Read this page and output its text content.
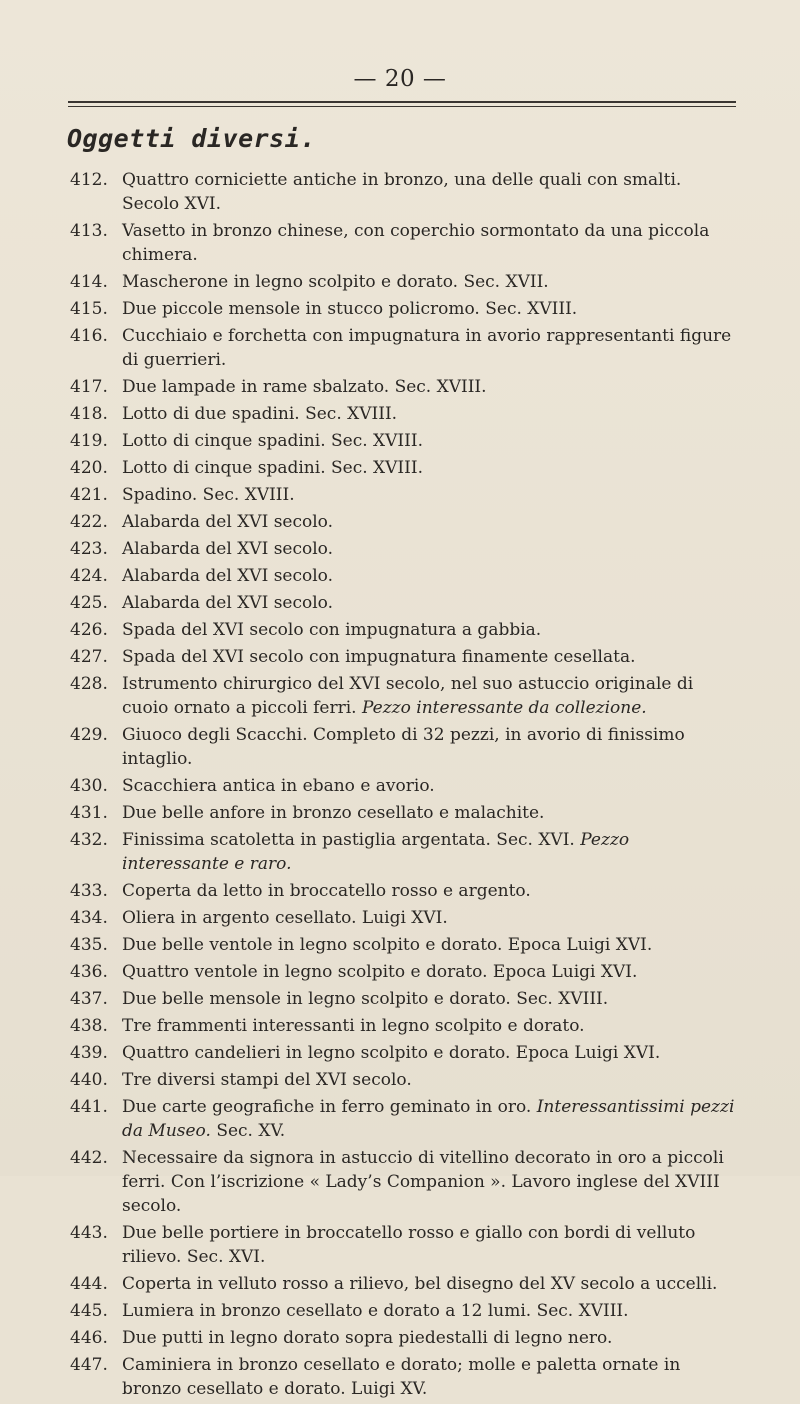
— 20 —
Oggetti diversi.
412. Quattro corniciette antiche in bronzo, una delle quali con smalti. Secolo XVI.
413. Vasetto in bronzo chinese, con coperchio sormontato da una piccola chimera.
414. Mascherone in legno scolpito e dorato. Sec. XVII.
415. Due piccole mensole in stucco policromo. Sec. XVIII.
416. Cucchiaio e forchetta con impugnatura in avorio rappresentanti figure di guerrieri.
417. Due lampade in rame sbalzato. Sec. XVIII.
418. Lotto di due spadini. Sec. XVIII.
419. Lotto di cinque spadini. Sec. XVIII.
420. Lotto di cinque spadini. Sec. XVIII.
421. Spadino. Sec. XVIII.
422. Alabarda del XVI secolo.
423. Alabarda del XVI secolo.
424. Alabarda del XVI secolo.
425. Alabarda del XVI secolo.
426. Spada del XVI secolo con impugnatura a gabbia.
427. Spada del XVI secolo con impugnatura finamente cesellata.
428. Istrumento chirurgico del XVI secolo, nel suo astuccio originale di cuoio ornato a piccoli ferri. Pezzo interessante da collezione.
429. Giuoco degli Scacchi. Completo di 32 pezzi, in avorio di finissimo intaglio.
430. Scacchiera antica in ebano e avorio.
431. Due belle anfore in bronzo cesellato e malachite.
432. Finissima scatoletta in pastiglia argentata. Sec. XVI. Pezzo interessante e raro.
433. Coperta da letto in broccatello rosso e argento.
434. Oliera in argento cesellato. Luigi XVI.
435. Due belle ventole in legno scolpito e dorato. Epoca Luigi XVI.
436. Quattro ventole in legno scolpito e dorato. Epoca Luigi XVI.
437. Due belle mensole in legno scolpito e dorato. Sec. XVIII.
438. Tre frammenti interessanti in legno scolpito e dorato.
439. Quattro candelieri in legno scolpito e dorato. Epoca Luigi XVI.
440. Tre diversi stampi del XVI secolo.
441. Due carte geografiche in ferro geminato in oro. Interessantissimi pezzi da Museo. Sec. XV.
442. Necessaire da signora in astuccio di vitellino decorato in oro a piccoli ferri. Con l’iscrizione « Lady’s Companion ». Lavoro inglese del XVIII secolo.
443. Due belle portiere in broccatello rosso e giallo con bordi di velluto rilievo. Sec. XVI.
444. Coperta in velluto rosso a rilievo, bel disegno del XV secolo a uccelli.
445. Lumiera in bronzo cesellato e dorato a 12 lumi. Sec. XVIII.
446. Due putti in legno dorato sopra piedestalli di legno nero.
447. Caminiera in bronzo cesellato e dorato; molle e paletta ornate in bronzo cesellato e dorato. Luigi XV.
